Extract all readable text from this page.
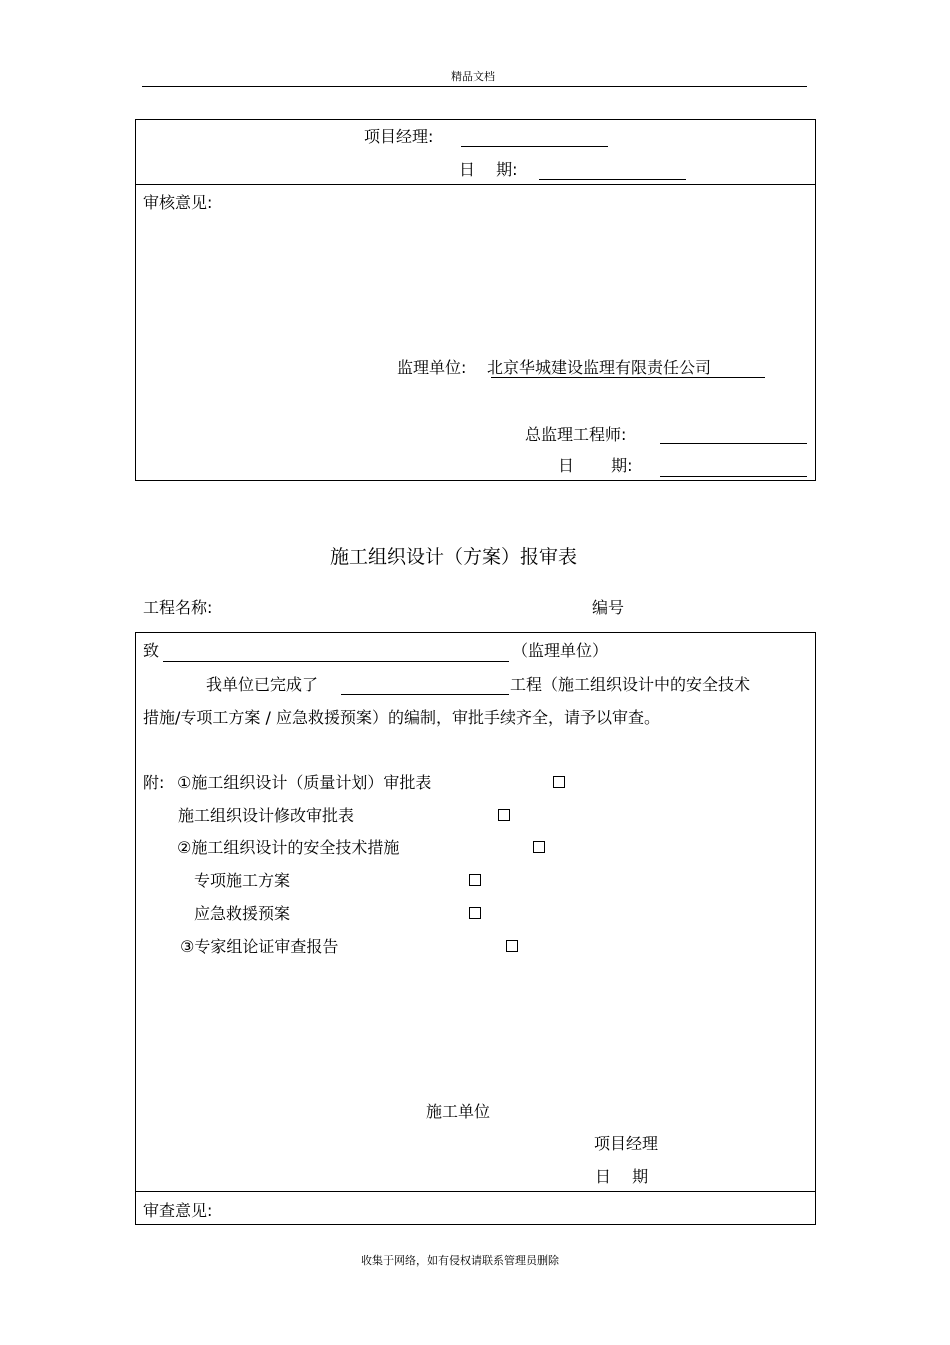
精品文档
项目经理:
日　 期:
审核意见:
监理单位: 北京华城建设监理有限责任公司
总监理工程师:
日　　 期:
施工组织设计（方案）报审表
工程名称:	编号
致	（监理单位）
我单位已完成了	工程（施工组织设计中的安全技术
措施/专项工方案 / 应急救援预案）的编制，审批手续齐全，请予以审查。
附: ①施工组织设计（质量计划）审批表
施工组织设计修改审批表
②施工组织设计的安全技术措施
专项施工方案
应急救援预案
③专家组论证审查报告
施工单位
项目经理
日　 期
审查意见:
收集于网络，如有侵权请联系管理员删除
